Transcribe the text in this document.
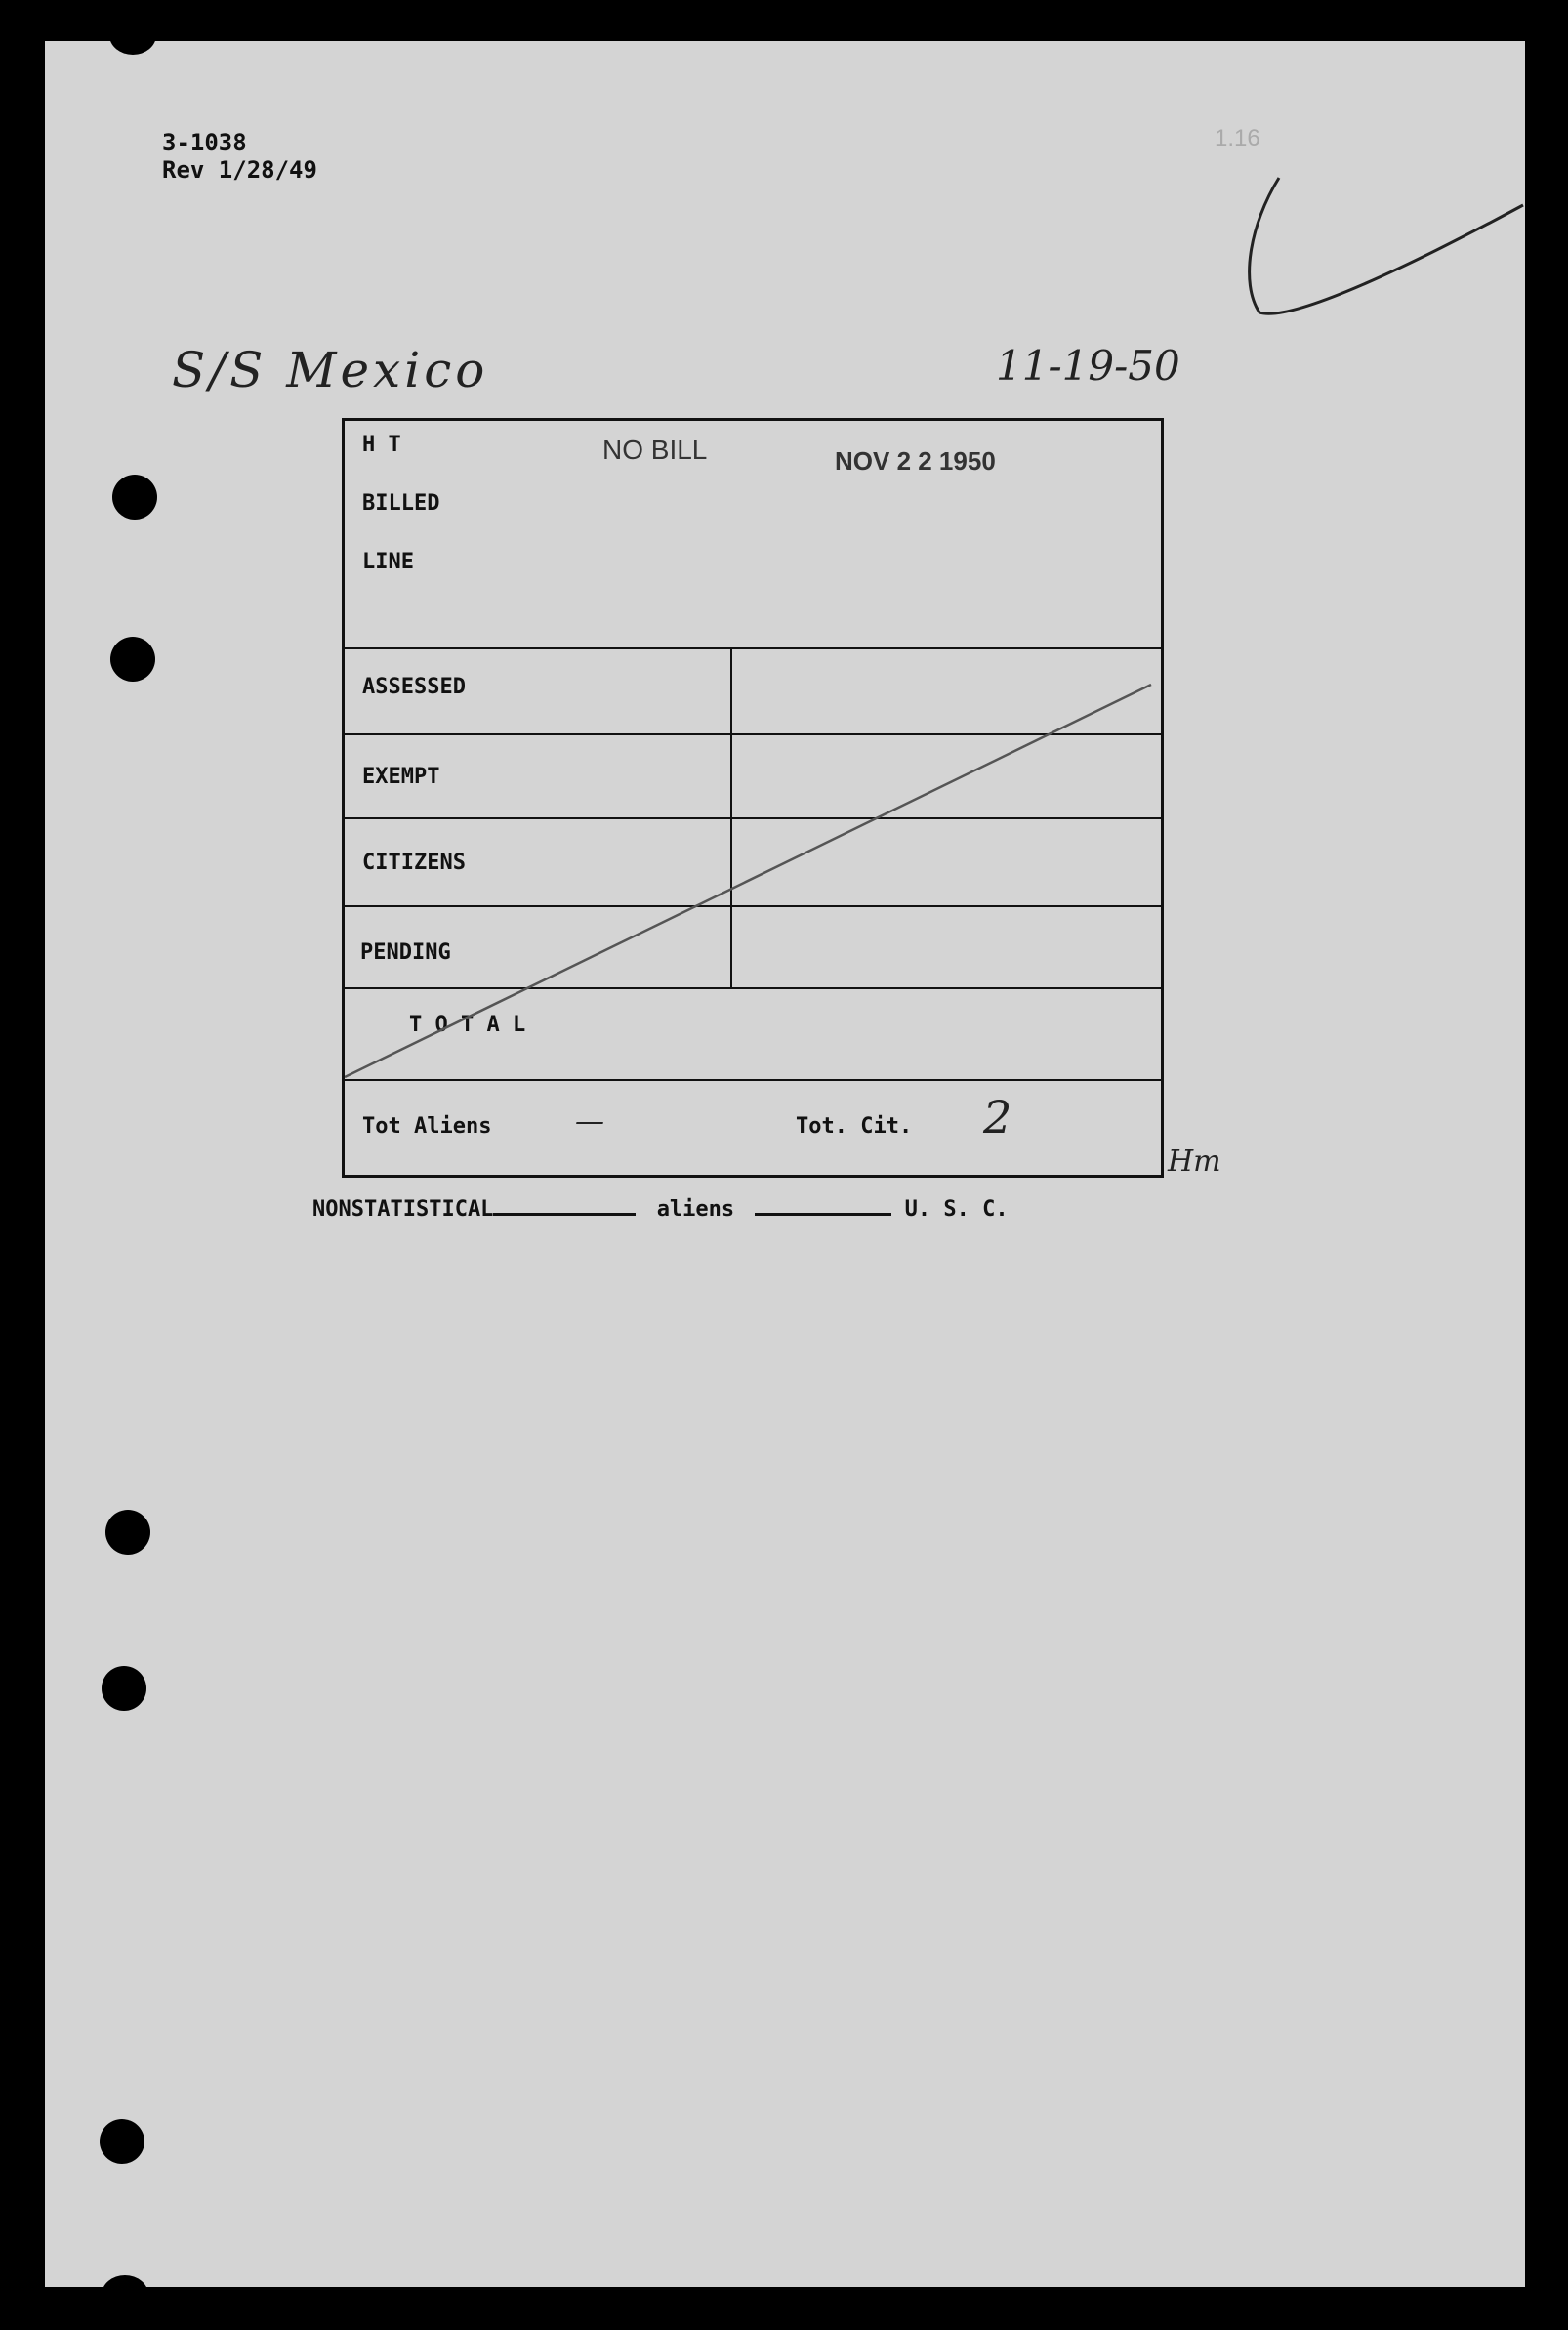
3-1038
Rev 1/28/49
1.16
S/S Mexico	11-19-50
H T
BILLED
LINE
NO BILL	NOV 2 2 1950
ASSESSED
EXEMPT
CITIZENS
PENDING
T O T A L
Tot Aliens	—	Tot. Cit. 2
Hm
NONSTATISTICAL	aliens	U. S. C.
